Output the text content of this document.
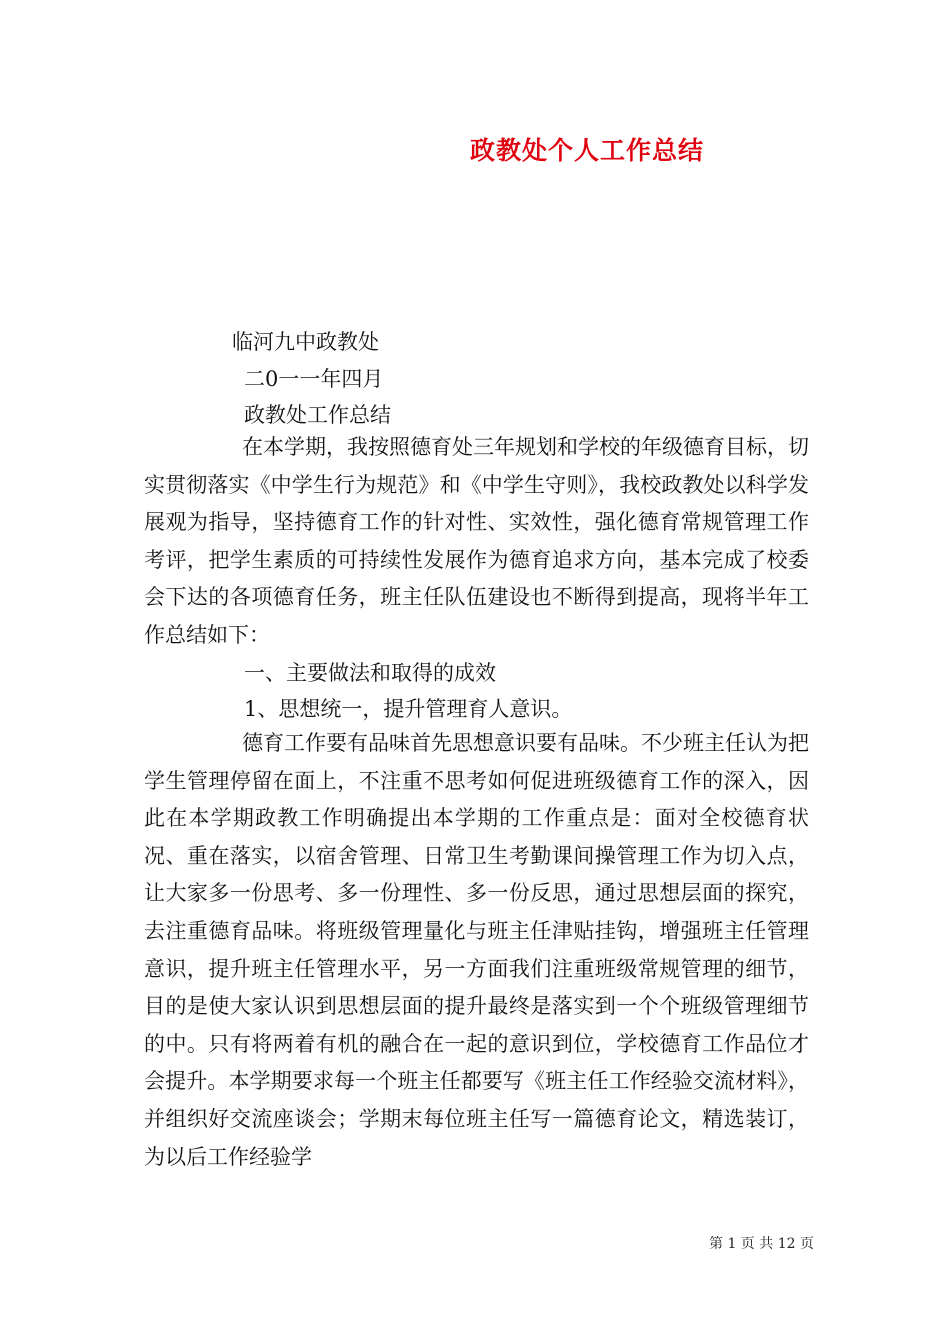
政教处个人工作总结
临河九中政教处
二0一一年四月
政教处工作总结
在本学期，我按照德育处三年规划和学校的年级德育目标，切实贯彻落实《中学生行为规范》和《中学生守则》，我校政教处以科学发展观为指导，坚持德育工作的针对性、实效性，强化德育常规管理工作考评，把学生素质的可持续性发展作为德育追求方向，基本完成了校委会下达的各项德育任务，班主任队伍建设也不断得到提高，现将半年工作总结如下：
一、主要做法和取得的成效
1、思想统一，提升管理育人意识。
德育工作要有品味首先思想意识要有品味。不少班主任认为把学生管理停留在面上，不注重不思考如何促进班级德育工作的深入，因此在本学期政教工作明确提出本学期的工作重点是：面对全校德育状况、重在落实，以宿舍管理、日常卫生考勤课间操管理工作为切入点，让大家多一份思考、多一份理性、多一份反思，通过思想层面的探究，去注重德育品味。将班级管理量化与班主任津贴挂钩，增强班主任管理意识，提升班主任管理水平，另一方面我们注重班级常规管理的细节，目的是使大家认识到思想层面的提升最终是落实到一个个班级管理细节的中。只有将两着有机的融合在一起的意识到位，学校德育工作品位才会提升。本学期要求每一个班主任都要写《班主任工作经验交流材料》，并组织好交流座谈会；学期末每位班主任写一篇德育论文，精选装订，为以后工作经验学
第 1 页 共 12 页
